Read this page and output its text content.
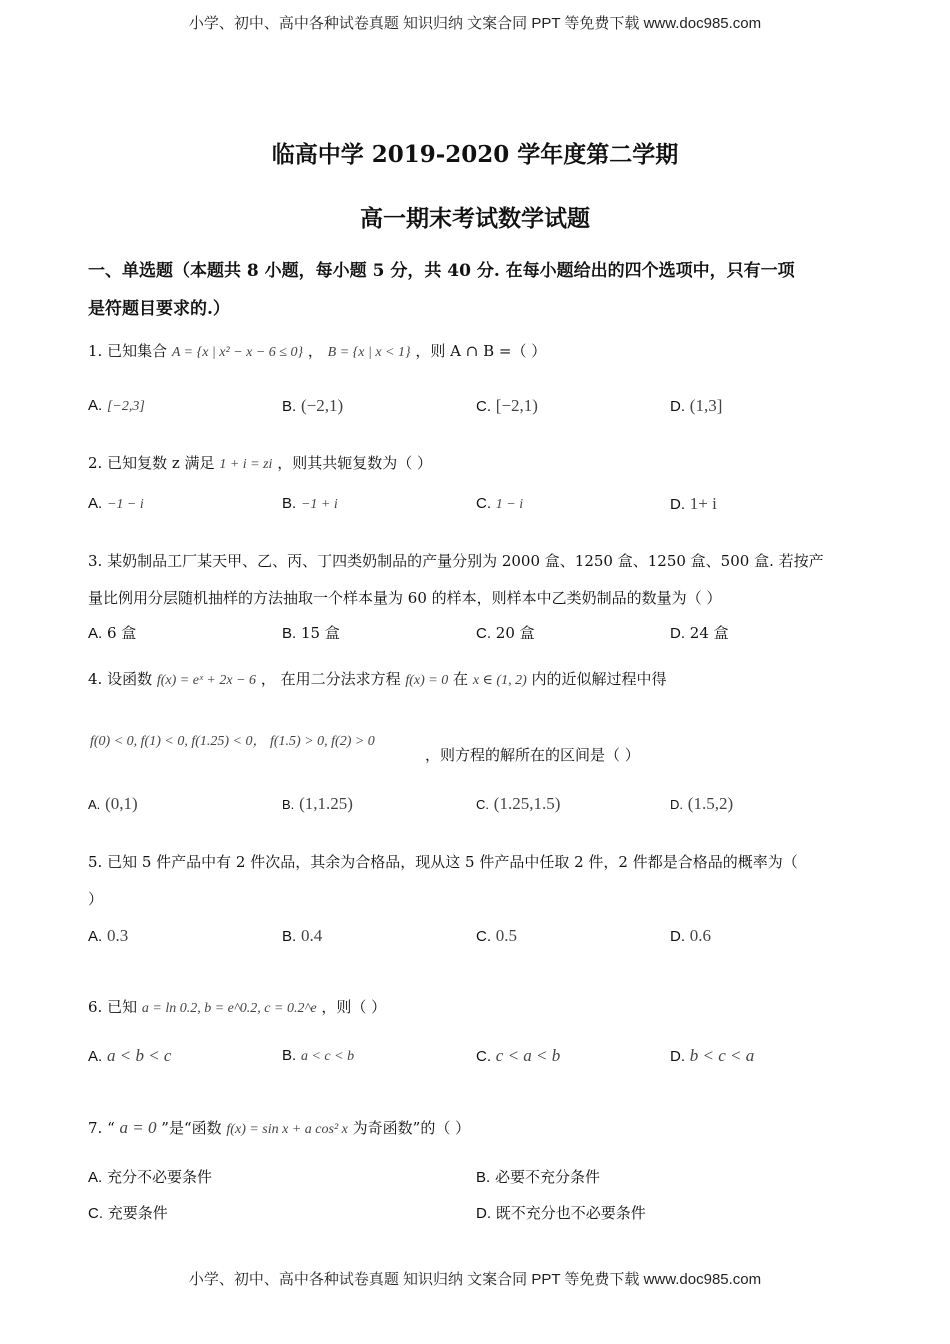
小学、初中、高中各种试卷真题 知识归纳 文案合同 PPT 等免费下载 www.doc985.com
小学、初中、高中各种试卷真题 知识归纳 文案合同 PPT 等免费下载 www.doc985.com
临高中学 2019-2020 学年度第二学期
高一期末考试数学试题
一、单选题（本题共 8 小题，每小题 5 分，共 40 分. 在每小题给出的四个选项中，只有一项
是符题目要求的.）
1. 已知集合 A = {x | x² − x − 6 ≤ 0} ， B = {x | x < 1} ，则 A ∩ B =（ ）
A. [−2,3]	B. (−2,1)	C. [−2,1)	D. (1,3]
2. 已知复数 z 满足 1 + i = zi ，则其共轭复数为（ ）
A. −1 − i	B. −1 + i	C. 1 − i	D. 1+ i
3. 某奶制品工厂某天甲、乙、丙、丁四类奶制品的产量分别为 2000 盒、1250 盒、1250 盒、500 盒. 若按产
量比例用分层随机抽样的方法抽取一个样本量为 60 的样本，则样本中乙类奶制品的数量为（ ）
A. 6 盒	B. 15 盒	C. 20 盒	D. 24 盒
4. 设函数 f(x) = eˣ + 2x − 6 ， 在用二分法求方程 f(x) = 0 在 x ∈ (1, 2) 内的近似解过程中得
f(0) < 0, f(1) < 0, f(1.25) < 0， f(1.5) > 0, f(2) > 0
，则方程的解所在的区间是（ ）
A. (0,1)	B. (1,1.25)	C. (1.25,1.5)	D. (1.5,2)
5. 已知 5 件产品中有 2 件次品，其余为合格品，现从这 5 件产品中任取 2 件，2 件都是合格品的概率为（
）
A. 0.3	B. 0.4	C. 0.5	D. 0.6
6. 已知 a = ln 0.2, b = e^0.2, c = 0.2^e ，则（ ）
A. a < b < c	B. a < c < b	C. c < a < b	D. b < c < a
7. “ a = 0 ”是“函数 f(x) = sin x + a cos² x 为奇函数”的（ ）
A. 充分不必要条件	B. 必要不充分条件
C. 充要条件	D. 既不充分也不必要条件
